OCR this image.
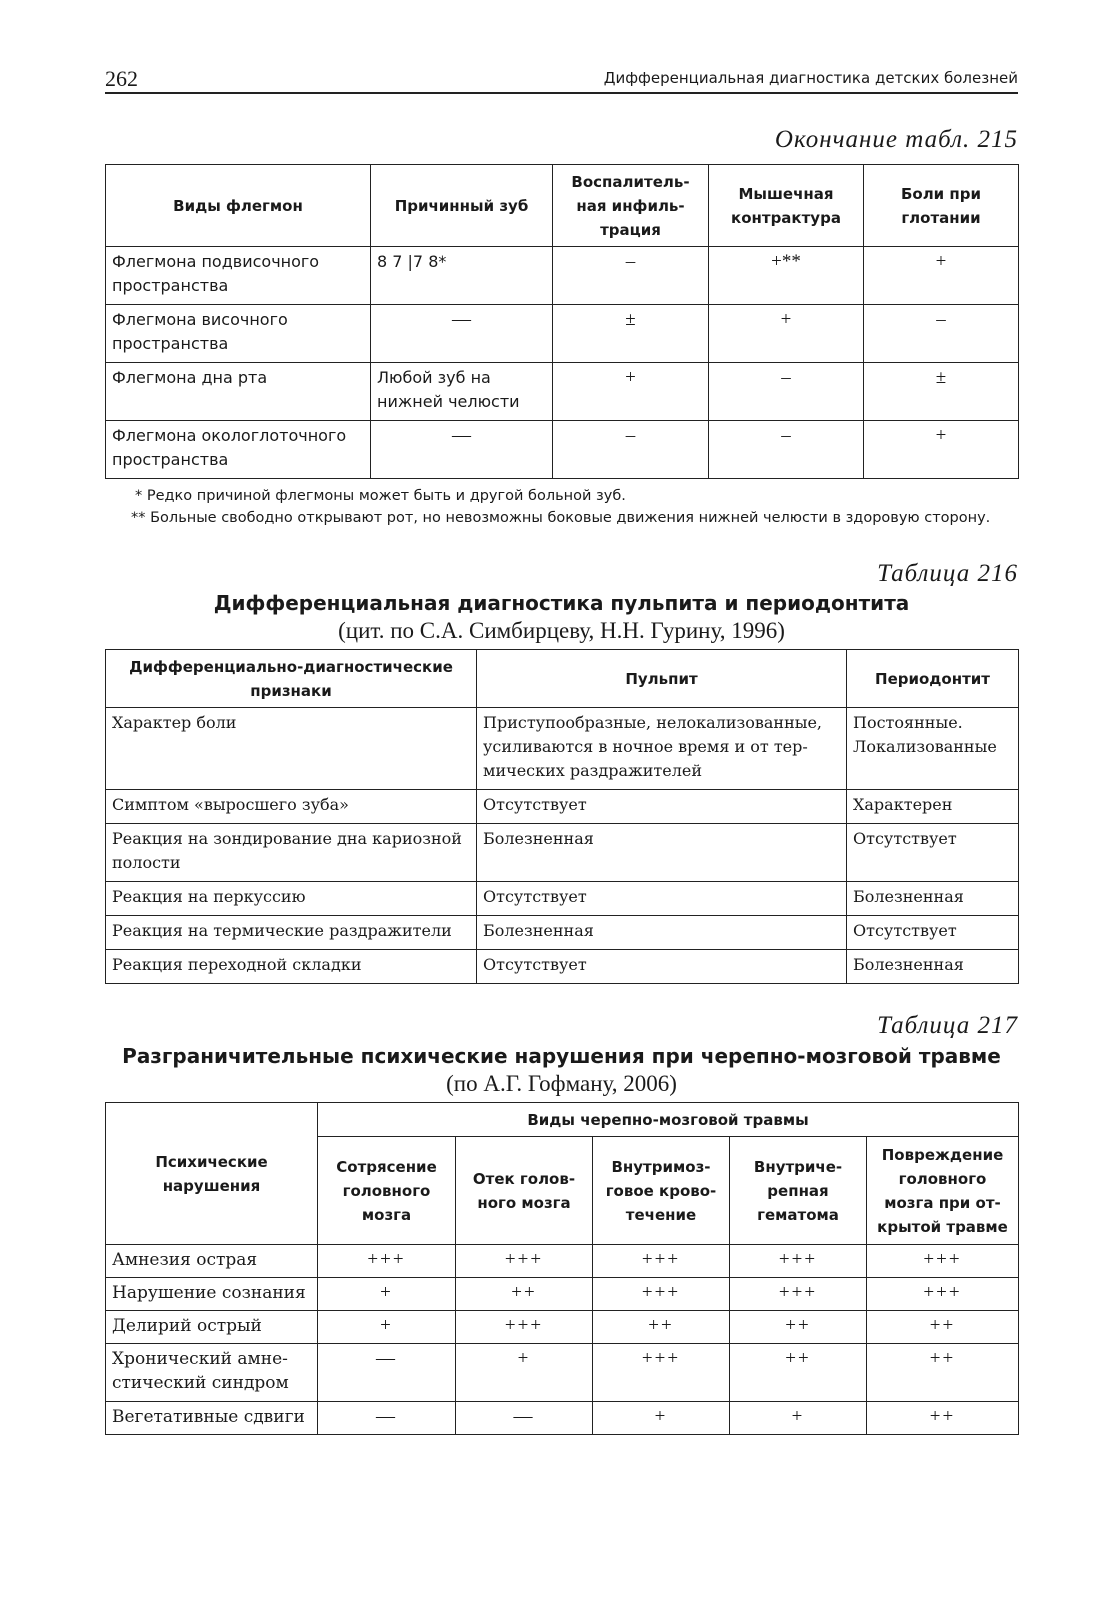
262	Дифференциальная диагностика детских болезней
Окончание табл. 215
Виды флегмон	Причинный зуб	Воспалитель-ная инфиль-трация	Мышечная контрактура	Боли при глотании
Флегмона подвисочного пространства	8 7 |7 8*	–	+**	+
Флегмона височного пространства	—	±	+	–
Флегмона дна рта	Любой зуб на нижней челюсти	+	–	±
Флегмона окологлоточного пространства	—	–	–	+
* Редко причиной флегмоны может быть и другой больной зуб.
** Больные свободно открывают рот, но невозможны боковые движения нижней челюсти в здоровую сторону.
Таблица 216
Дифференциальная диагностика пульпита и периодонтита
(цит. по С.А. Симбирцеву, Н.Н. Гурину, 1996)
Дифференциально-диагностические признаки	Пульпит	Периодонтит
Характер боли	Приступообразные, нелокализованные, усиливаются в ночное время и от тер-мических раздражителей	Постоянные. Локализованные
Симптом «выросшего зуба»	Отсутствует	Характерен
Реакция на зондирование дна кариозной полости	Болезненная	Отсутствует
Реакция на перкуссию	Отсутствует	Болезненная
Реакция на термические раздражители	Болезненная	Отсутствует
Реакция переходной складки	Отсутствует	Болезненная
Таблица 217
Разграничительные психические нарушения при черепно-мозговой травме
(по А.Г. Гофману, 2006)
Психические нарушения	Виды черепно-мозговой травмы				
	Сотрясение головного мозга	Отек голов-ного мозга	Внутримоз-говое крово-течение	Внутриче-репная гематома	Повреждение головного мозга при от-крытой травме
Амнезия острая	+++	+++	+++	+++	+++
Нарушение сознания	+	++	+++	+++	+++
Делирий острый	+	+++	++	++	++
Хронический амне-стический синдром	—	+	+++	++	++
Вегетативные сдвиги	—	—	+	+	++
